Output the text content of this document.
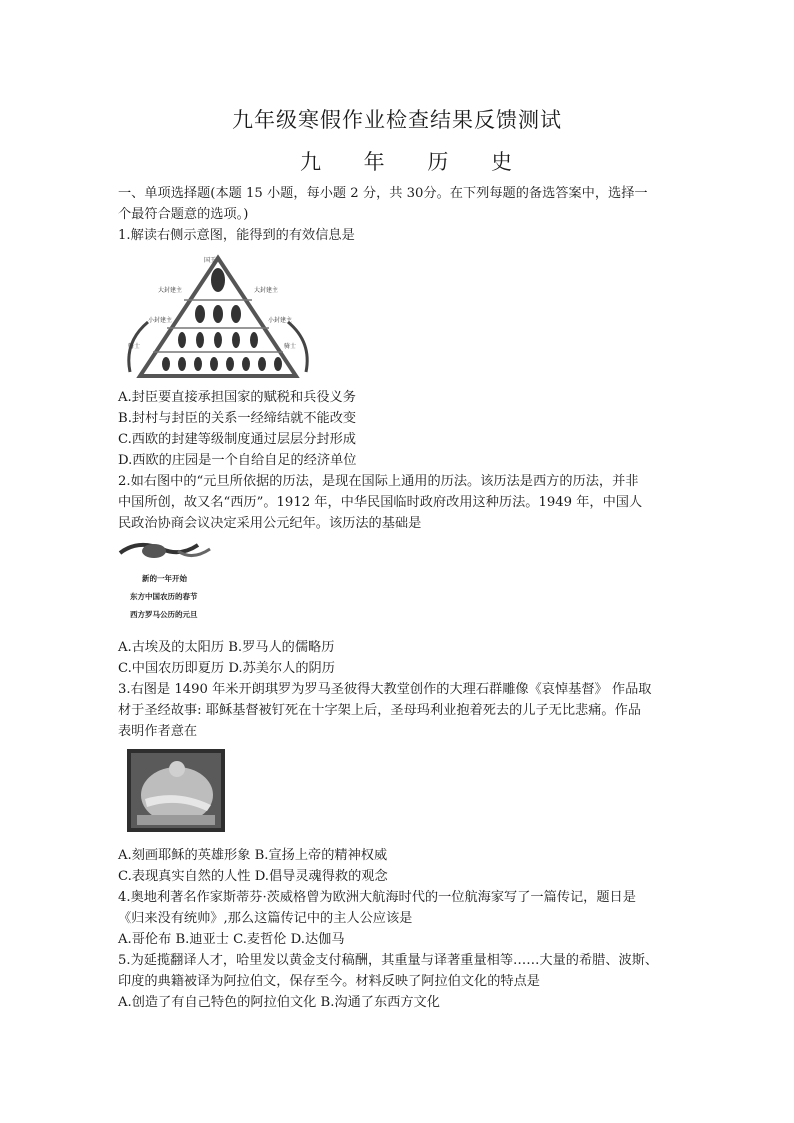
九年级寒假作业检查结果反馈测试
九 年 历 史
一、单项选择题(本题 15 小题，每小题 2 分，共 30分。在下列每题的备选答案中，选择一
个最符合题意的选项。)
1.解读右侧示意图，能得到的有效信息是
国王
大封建主
小封建主
骑士
大封建主
小封建主
骑士
A.封臣要直接承担国家的赋税和兵役义务
B.封村与封臣的关系一经缔结就不能改变
C.西欧的封建等级制度通过层层分封形成
D.西欧的庄园是一个自给自足的经济单位
2.如右图中的“元旦所依据的历法，是现在国际上通用的历法。该历法是西方的历法，并非
中国所创，故又名“西历”。1912 年，中华民国临时政府改用这种历法。1949 年，中国人
民政治协商会议决定采用公元纪年。该历法的基础是
新的一年开始
东方中国农历的春节
西方罗马公历的元旦
A.古埃及的太阳历 B.罗马人的儒略历
C.中国农历即夏历 D.苏美尔人的阴历
3.右图是 1490 年米开朗琪罗为罗马圣彼得大教堂创作的大理石群雕像《哀悼基督》 作品取
材于圣经故事: 耶稣基督被钉死在十字架上后，圣母玛利业抱着死去的儿子无比悲痛。作品
表明作者意在
A.刻画耶稣的英雄形象 B.宣扬上帝的精神权威
C.表现真实自然的人性 D.倡导灵魂得救的观念
4.奥地利著名作家斯蒂芬·茨威格曾为欧洲大航海时代的一位航海家写了一篇传记，题日是
《归来没有统帅》,那么这篇传记中的主人公应该是
A.哥伦布 B.迪亚士 C.麦哲伦 D.达伽马
5.为延揽翻译人才，哈里发以黄金支付稿酬，其重量与译著重量相等……大量的希腊、波斯、
印度的典籍被译为阿拉伯文，保存至今。材料反映了阿拉伯文化的特点是
A.创造了有自己特色的阿拉伯文化 B.沟通了东西方文化
